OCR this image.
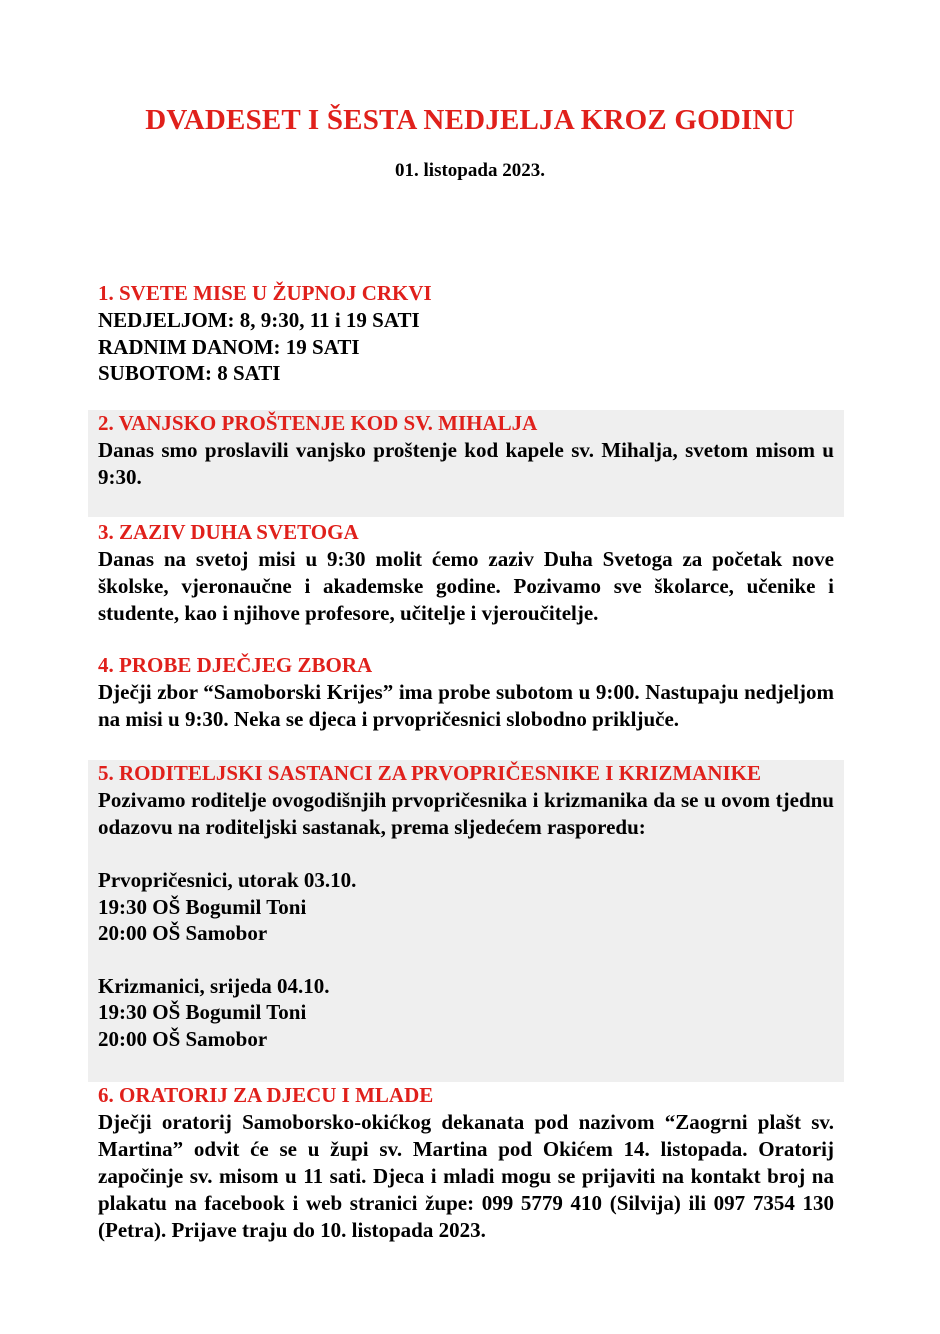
DVADESET I ŠESTA NEDJELJA KROZ GODINU

01. listopada 2023.

1. SVETE MISE U ŽUPNOJ CRKVI

NEDJELJOM: 8, 9:30, 11 i 19 SATI

RADNIM DANOM: 19 SATI

SUBOTOM: 8 SATI

2. VANJSKO PROŠTENJE KOD SV. MIHALJA

Danas smo proslavili vanjsko proštenje kod kapele sv. Mihalja, svetom misom u 9:30.

3. ZAZIV DUHA SVETOGA

Danas na svetoj misi u 9:30 molit ćemo zaziv Duha Svetoga za početak nove školske, vjeronaučne i akademske godine. Pozivamo sve školarce, učenike i studente, kao i njihove profesore, učitelje i vjeroučitelje.

4. PROBE DJEČJEG ZBORA

Dječji zbor “Samoborski Krijes” ima probe subotom u 9:00. Nastupaju nedjeljom na misi u 9:30. Neka se djeca i prvopričesnici slobodno priključe.

5. RODITELJSKI SASTANCI ZA PRVOPRIČESNIKE I KRIZMANIKE

Pozivamo roditelje ovogodišnjih prvopričesnika i krizmanika da se u ovom tjednu odazovu na roditeljski sastanak, prema sljedećem rasporedu:

Prvopričesnici, utorak 03.10.

19:30 OŠ Bogumil Toni

20:00 OŠ Samobor

Krizmanici, srijeda 04.10.

19:30 OŠ Bogumil Toni

20:00 OŠ Samobor

6. ORATORIJ ZA DJECU I MLADE

Dječji oratorij Samoborsko-okićkog dekanata pod nazivom “Zaogrni plašt sv. Martina” odvit će se u župi sv. Martina pod Okićem 14. listopada. Oratorij započinje sv. misom u 11 sati. Djeca i mladi mogu se prijaviti na kontakt broj na plakatu na facebook i web stranici župe: 099 5779 410 (Silvija) ili 097 7354 130 (Petra). Prijave traju do 10. listopada 2023.
